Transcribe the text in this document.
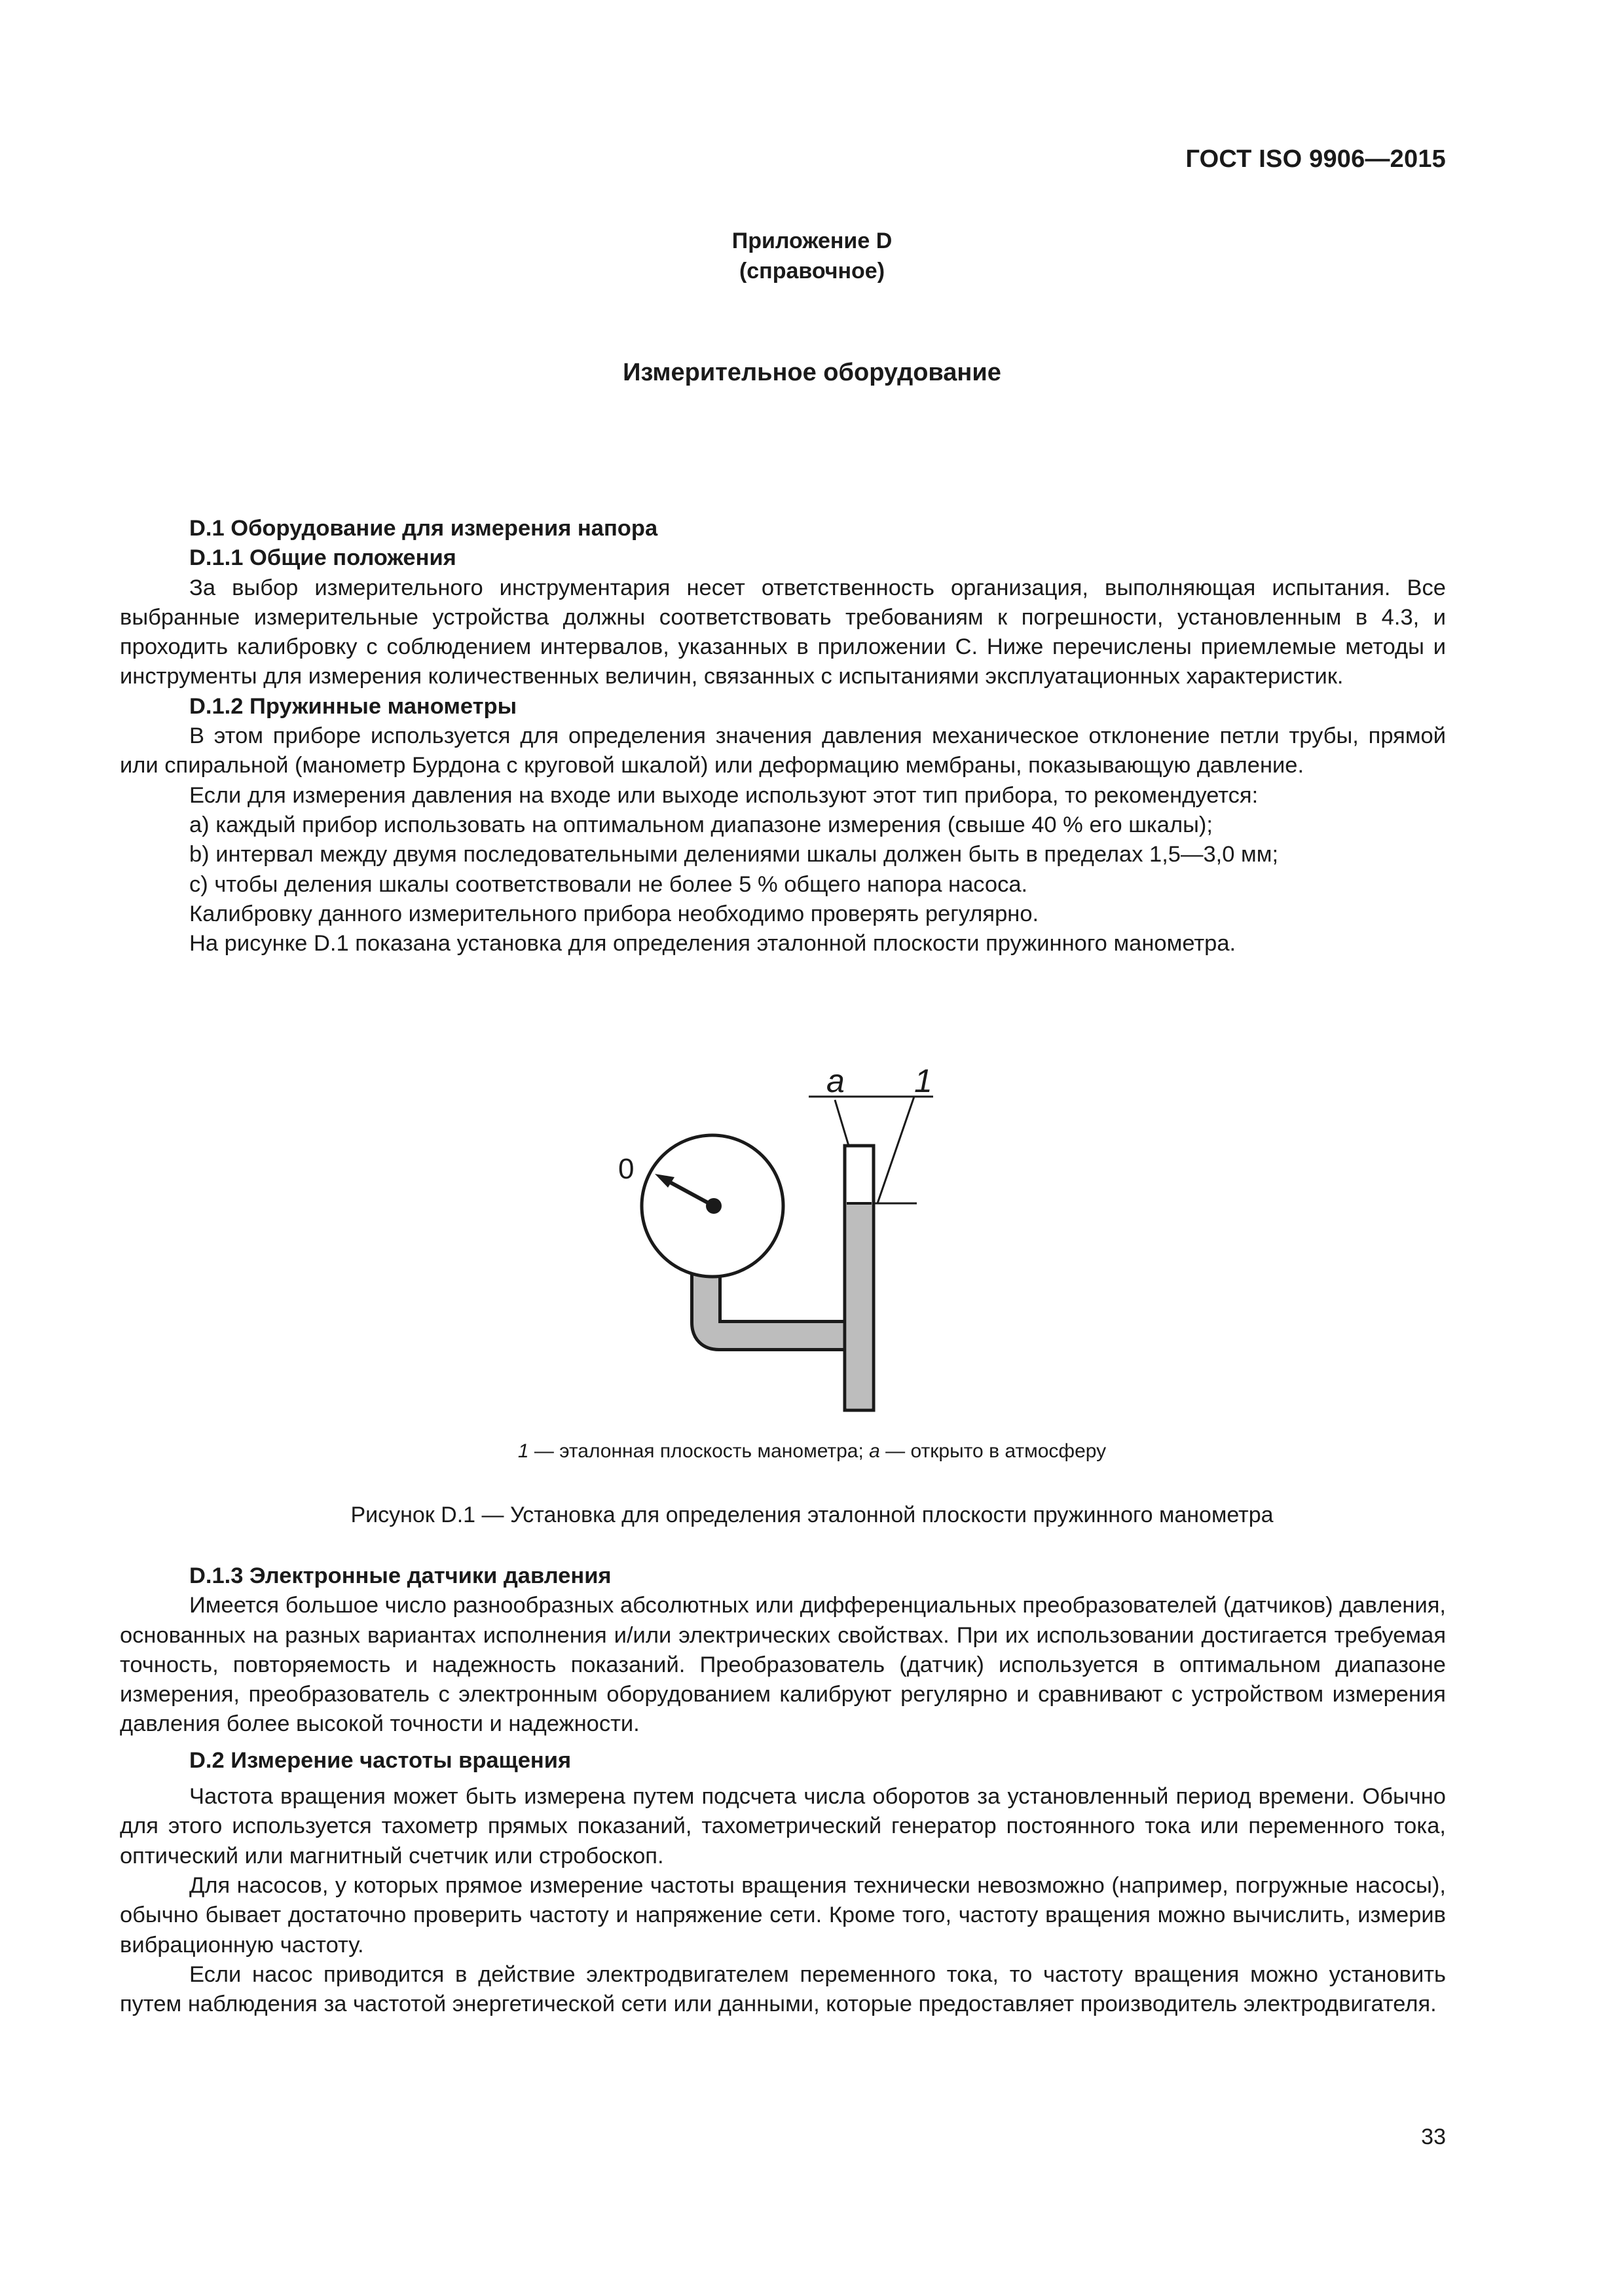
ГОСТ ISO 9906—2015
Приложение D
(справочное)
Измерительное оборудование
D.1 Оборудование для измерения напора
D.1.1 Общие положения

За выбор измерительного инструментария несет ответственность организация, выполняющая испытания. Все выбранные измерительные устройства должны соответствовать требованиям к погрешности, установленным в 4.3, и проходить калибровку с соблюдением интервалов, указанных в приложении С. Ниже перечислены приемлемые методы и инструменты для измерения количественных величин, связанных с испытаниями эксплуатационных характеристик.

D.1.2 Пружинные манометры

В этом приборе используется для определения значения давления механическое отклонение петли трубы, прямой или спиральной (манометр Бурдона с круговой шкалой) или деформацию мембраны, показывающую давление.

Если для измерения давления на входе или выходе используют этот тип прибора, то рекомендуется:

a) каждый прибор использовать на оптимальном диапазоне измерения (свыше 40 % его шкалы);

b) интервал между двумя последовательными делениями шкалы должен быть в пределах 1,5—3,0 мм;

c) чтобы деления шкалы соответствовали не более 5 % общего напора насоса.

Калибровку данного измерительного прибора необходимо проверять регулярно.

На рисунке D.1 показана установка для определения эталонной плоскости пружинного манометра.

a 1
0
1 — эталонная плоскость манометра; а — открыто в атмосферу
Рисунок D.1 — Установка для определения эталонной плоскости пружинного манометра
D.1.3 Электронные датчики давления

Имеется большое число разнообразных абсолютных или дифференциальных преобразователей (датчиков) давления, основанных на разных вариантах исполнения и/или электрических свойствах. При их использовании достигается требуемая точность, повторяемость и надежность показаний. Преобразователь (датчик) используется в оптимальном диапазоне измерения, преобразователь с электронным оборудованием калибруют регулярно и сравнивают с устройством измерения давления более высокой точности и надежности.

D.2 Измерение частоты вращения

Частота вращения может быть измерена путем подсчета числа оборотов за установленный период времени. Обычно для этого используется тахометр прямых показаний, тахометрический генератор постоянного тока или переменного тока, оптический или магнитный счетчик или стробоскоп.

Для насосов, у которых прямое измерение частоты вращения технически невозможно (например, погружные насосы), обычно бывает достаточно проверить частоту и напряжение сети. Кроме того, частоту вращения можно вычислить, измерив вибрационную частоту.

Если насос приводится в действие электродвигателем переменного тока, то частоту вращения можно установить путем наблюдения за частотой энергетической сети или данными, которые предоставляет производитель электродвигателя.

33
